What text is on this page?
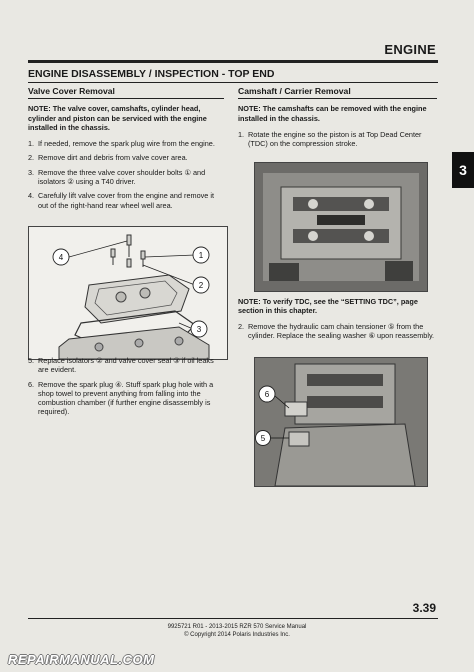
ENGINE
ENGINE DISASSEMBLY / INSPECTION - TOP END
3
Valve Cover Removal
NOTE: The valve cover, camshafts, cylinder head, cylinder and piston can be serviced with the engine installed in the chassis.
1. If needed, remove the spark plug wire from the engine.
2. Remove dirt and debris from valve cover area.
3. Remove the three valve cover shoulder bolts ① and isolators ② using a T40 driver.
4. Carefully lift valve cover from the engine and remove it out of the right-hand rear wheel well area.
4	1
2
3
5. Replace isolators ② and valve cover seal ③ if oil leaks are evident.
6. Remove the spark plug ④. Stuff spark plug hole with a shop towel to prevent anything from falling into the combustion chamber (if further engine disassembly is required).
Camshaft / Carrier Removal
NOTE: The camshafts can be removed with the engine installed in the chassis.
1. Rotate the engine so the piston is at Top Dead Center (TDC) on the compression stroke.
NOTE: To verify TDC, see the “SETTING TDC”, page section in this chapter.
2. Remove the hydraulic cam chain tensioner ⑤ from the cylinder. Replace the sealing washer ⑥ upon reassembly.
6
5
3.39
9925721 R01 - 2013-2015 RZR 570 Service Manual
© Copyright 2014 Polaris Industries Inc.
REPAIRMANUAL.COM
